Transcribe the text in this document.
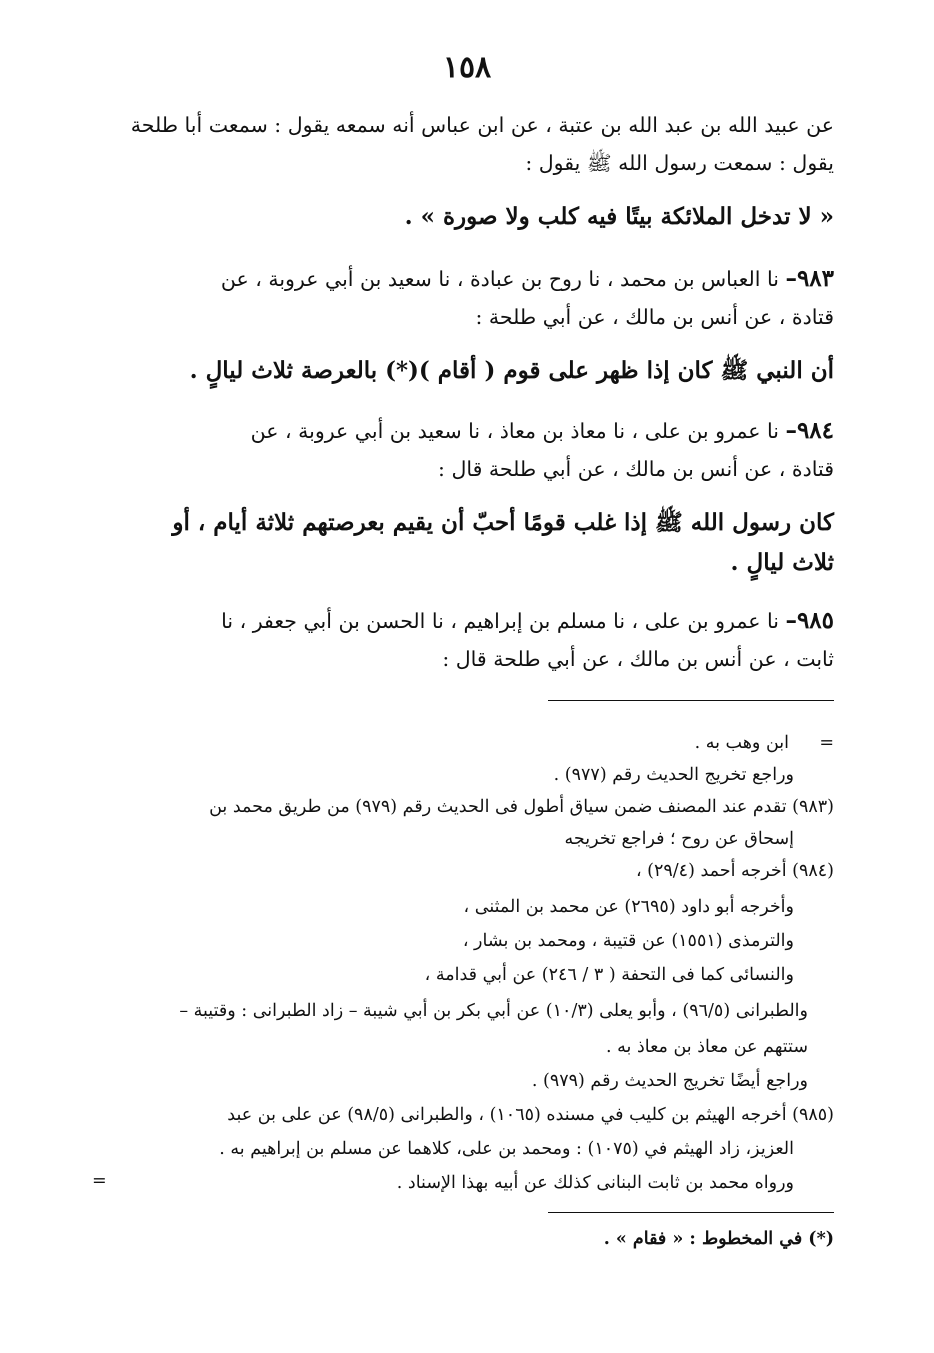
١٥٨
عن عبيد الله بن عبد الله بن عتبة ، عن ابن عباس أنه سمعه يقول : سمعت أبا طلحة
يقول : سمعت رسول الله ﷺ يقول :
« لا تدخل الملائكة بيتًا فيه كلب ولا صورة » .
٩٨٣– نا العباس بن محمد ، نا روح بن عبادة ، نا سعيد بن أبي عروبة ، عن
قتادة ، عن أنس بن مالك ، عن أبي طلحة :
أن النبي ﷺ كان إذا ظهر على قوم ( أقام )(*) بالعرصة ثلاث ليالٍ .
٩٨٤– نا عمرو بن على ، نا معاذ بن معاذ ، نا سعيد بن أبي عروبة ، عن
قتادة ، عن أنس بن مالك ، عن أبي طلحة قال :
كان رسول الله ﷺ إذا غلب قومًا أحبّ أن يقيم بعرصتهم ثلاثة أيام ، أو
ثلاث ليالٍ .
٩٨٥– نا عمرو بن على ، نا مسلم بن إبراهيم ، نا الحسن بن أبي جعفر ، نا
ثابت ، عن أنس بن مالك ، عن أبي طلحة قال :
=
ابن وهب به .
وراجع تخريج الحديث رقم (٩٧٧) .
(٩٨٣) تقدم عند المصنف ضمن سياق أطول فى الحديث رقم (٩٧٩) من طريق محمد بن
إسحاق عن روح ؛ فراجع تخريجه
(٩٨٤) أخرجه أحمد (٢٩/٤) ،
وأخرجه أبو داود (٢٦٩٥) عن محمد بن المثنى ،
والترمذى (١٥٥١) عن قتيبة ، ومحمد بن بشار ،
والنسائى كما فى التحفة ( ٣ / ٢٤٦) عن أبي قدامة ،
والطبرانى (٩٦/٥) ، وأبو يعلى (١٠/٣) عن أبي بكر بن أبي شيبة – زاد الطبرانى : وقتيبة –
ستتهم عن معاذ بن معاذ به .
وراجع أيضًا تخريج الحديث رقم (٩٧٩) .
(٩٨٥) أخرجه الهيثم بن كليب في مسنده (١٠٦٥) ، والطبرانى (٩٨/٥) عن على بن عبد
العزيز، زاد الهيثم في (١٠٧٥) : ومحمد بن على، كلاهما عن مسلم بن إبراهيم به .
ورواه محمد بن ثابت البنانى كذلك عن أبيه بهذا الإسناد .
=
(*) في المخطوط : « فقام » .
